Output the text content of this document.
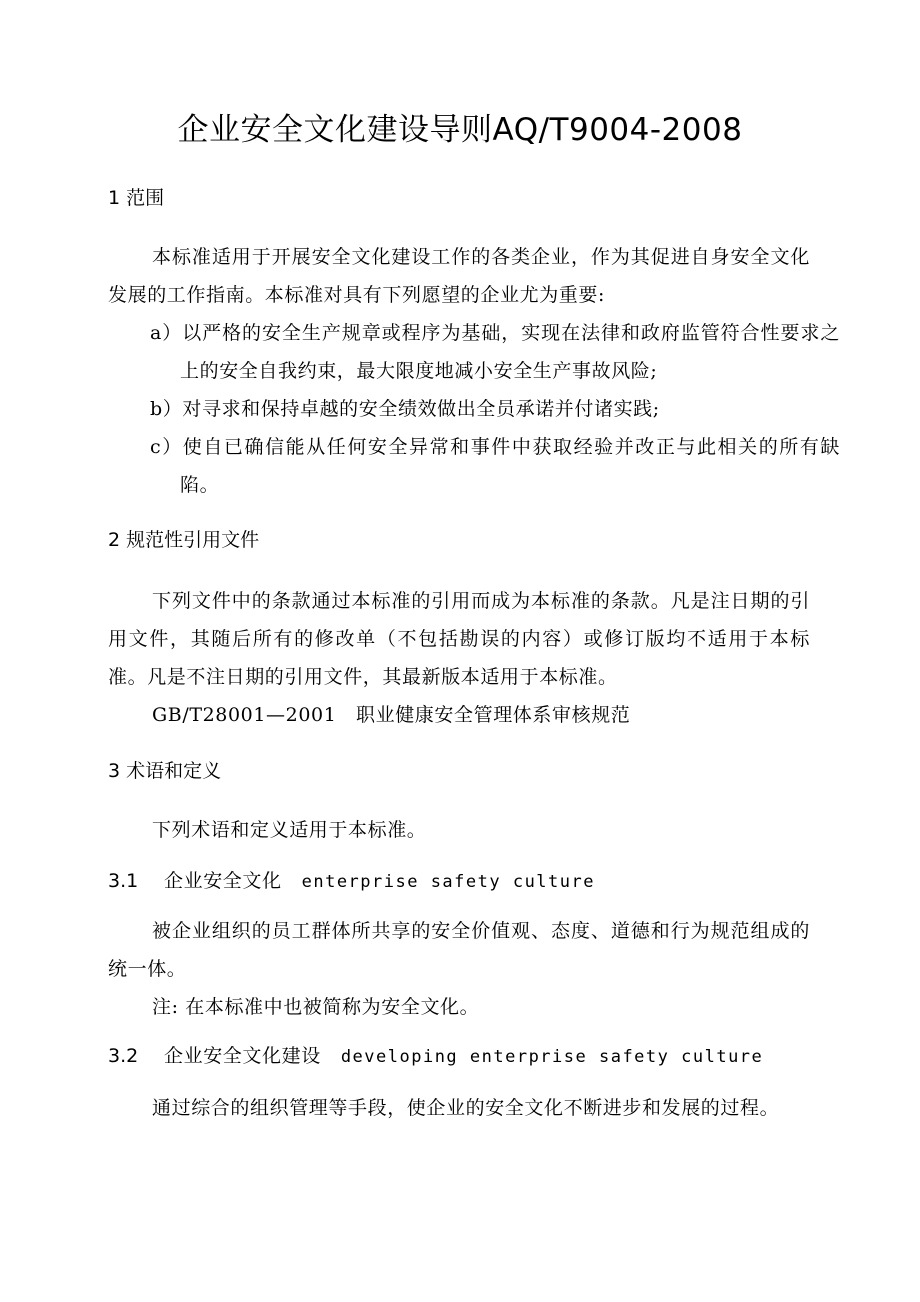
企业安全文化建设导则AQ/T9004-2008
1 范围
本标准适用于开展安全文化建设工作的各类企业，作为其促进自身安全文化发展的工作指南。本标准对具有下列愿望的企业尤为重要:
a）以严格的安全生产规章或程序为基础，实现在法律和政府监管符合性要求之上的安全自我约束，最大限度地减小安全生产事故风险;
b）对寻求和保持卓越的安全绩效做出全员承诺并付诸实践;
c）使自已确信能从任何安全异常和事件中获取经验并改正与此相关的所有缺陷。
2 规范性引用文件
下列文件中的条款通过本标准的引用而成为本标准的条款。凡是注日期的引用文件，其随后所有的修改单（不包括勘误的内容）或修订版均不适用于本标准。凡是不注日期的引用文件，其最新版本适用于本标准。
GB/T28001—2001　职业健康安全管理体系审核规范
3 术语和定义
下列术语和定义适用于本标准。
3.1 企业安全文化 enterprise safety culture
被企业组织的员工群体所共享的安全价值观、态度、道德和行为规范组成的统一体。
注: 在本标准中也被简称为安全文化。
3.2 企业安全文化建设 developing enterprise safety culture
通过综合的组织管理等手段，使企业的安全文化不断进步和发展的过程。
